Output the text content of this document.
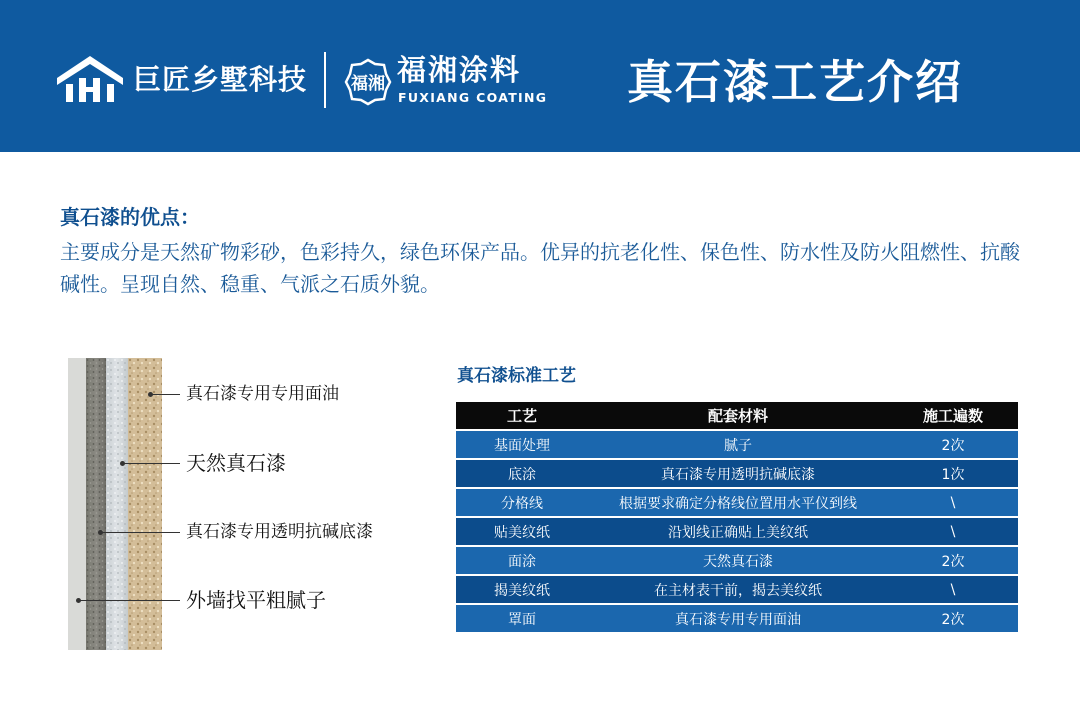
巨匠乡墅科技	福湘 福湘涂料
FUXIANG COATING 真石漆工艺介绍
真石漆的优点：
主要成分是天然矿物彩砂，色彩持久，绿色环保产品。优异的抗老化性、保色性、防水性及防火阻燃性、抗酸碱性。呈现自然、稳重、气派之石质外貌。
真石漆专用专用面油
天然真石漆
真石漆专用透明抗碱底漆
外墙找平粗腻子
真石漆标准工艺
工艺	配套材料	施工遍数
基面处理	腻子	2次
底涂	真石漆专用透明抗碱底漆	1次
分格线	根据要求确定分格线位置用水平仪到线	\
贴美纹纸	沿划线正确贴上美纹纸	\
面涂	天然真石漆	2次
揭美纹纸	在主材表干前，揭去美纹纸	\
罩面	真石漆专用专用面油	2次
